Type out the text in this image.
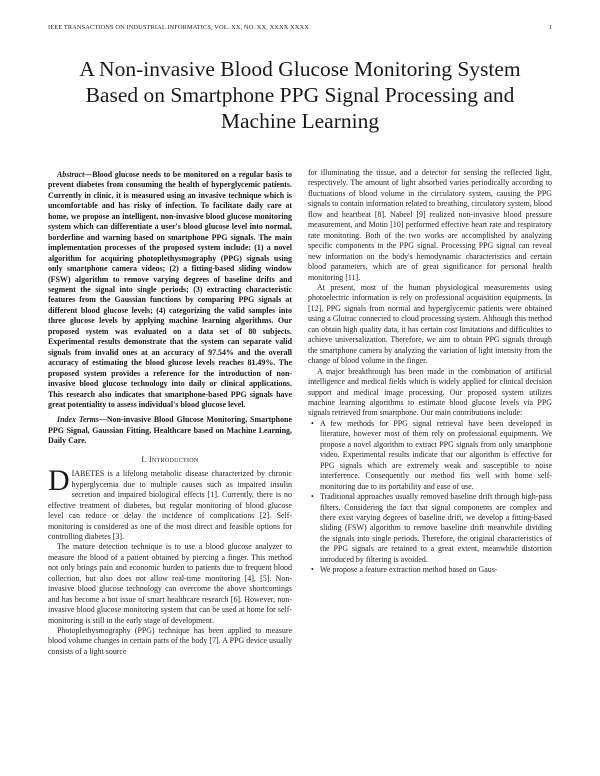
IEEE TRANSACTIONS ON INDUSTRIAL INFORMATICS, VOL. XX, NO. XX, XXXX XXXX	1
A Non-invasive Blood Glucose Monitoring System
Based on Smartphone PPG Signal Processing and
Machine Learning

Abstract—Blood glucose needs to be monitored on a regular basis to prevent diabetes from consuming the health of hyperglycemic patients. Currently in clinic, it is measured using an invasive technique which is uncomfortable and has risky of infection. To facilitate daily care at home, we propose an intelligent, non-invasive blood glucose monitoring system which can differentiate a user's blood glucose level into normal, borderline and warning based on smartphone PPG signals. The main implementation processes of the proposed system include: (1) a novel algorithm for acquiring photoplethysmography (PPG) signals using only smartphone camera videos; (2) a fitting-based sliding window (FSW) algorithm to remove varying degrees of baseline drifts and segment the signal into single periods; (3) extracting characteristic features from the Gaussian functions by comparing PPG signals at different blood glucose levels; (4) categorizing the valid samples into three glucose levels by applying machine learning algorithms. Our proposed system was evaluated on a data set of 80 subjects. Experimental results demonstrate that the system can separate valid signals from invalid ones at an accuracy of 97.54% and the overall accuracy of estimating the blood glucose levels reaches 81.49%. The proposed system provides a reference for the introduction of non-invasive blood glucose technology into daily or clinical applications. This research also indicates that smartphone-based PPG signals have great potentiality to assess individual's blood glucose level.

Index Terms—Non-invasive Blood Glucose Monitoring, Smartphone PPG Signal, Gaussian Fitting, Healthcare based on Machine Learning, Daily Care.

I. Introduction

DIABETES is a lifelong metabolic disease characterized by chronic hyperglycemia due to multiple causes such as impaired insulin secretion and impaired biological effects [1]. Currently, there is no effective treatment of diabetes, but regular monitoring of blood glucose level can reduce or delay the incidence of complications [2]. Self-monitoring is considered as one of the most direct and feasible options for controlling diabetes [3].

The mature detection technique is to use a blood glucose analyzer to measure the blood of a patient obtained by piercing a finger. This method not only brings pain and economic burden to patients due to frequent blood collection, but also does not allow real-time monitoring [4], [5]. Non-invasive blood glucose technology can overcome the above shortcomings and has become a hot issue of smart healthcare research [6]. However, non-invasive blood glucose monitoring system that can be used at home for self-monitoring is still in the early stage of development.

Photoplethysmography (PPG) technique has been applied to measure blood volume changes in certain parts of the body [7]. A PPG device usually consists of a light source

for illuminating the tissue, and a detector for sensing the reflected light, respectively. The amount of light absorbed varies periodically according to fluctuations of blood volume in the circulatory system, causing the PPG signals to contain information related to breathing, circulatory system, blood flow and heartbeat [8]. Nabeel [9] realized non-invasive blood pressure measurement, and Motin [10] performed effective heart rate and respiratory rate monitoring. Both of the two works are accomplished by analyzing specific components in the PPG signal. Processing PPG signal can reveal new information on the body's hemodynamic characteristics and certain blood parameters, which are of great significance for personal health monitoring [11].

At present, most of the human physiological measurements using photoelectric information is rely on professional acquisition equipments. In [12], PPG signals from normal and hyperglycemic patients were obtained using a Glutrac connected to cloud processing system. Although this method can obtain high quality data, it has certain cost limitations and difficulties to achieve universalization. Therefore, we aim to obtain PPG signals through the smartphone camera by analyzing the variation of light intensity from the change of blood volume in the finger.

A major breakthrough has been made in the combination of artificial intelligence and medical fields which is widely applied for clinical decision support and medical image processing. Our proposed system utilizes machine learning algorithms to estimate blood glucose levels via PPG signals retrieved from smartphone. Our main contributions include:

• A few methods for PPG signal retrieval have been developed in literature, however most of them rely on professional equipments. We propose a novel algorithm to extract PPG signals from only smartphone video. Experimental results indicate that our algorithm is effective for PPG signals which are extremely weak and susceptible to noise interference. Consequently our method fits well with home self-monitoring due to its portability and ease of use.
• Traditional approaches usually removed baseline drift through high-pass filters. Considering the fact that signal components are complex and there exist varying degrees of baseline drift, we develop a fitting-based sliding (FSW) algorithm to remove baseline drift meanwhile dividing the signals into single periods. Therefore, the original characteristics of the PPG signals are retained to a great extent, meanwhile distortion introduced by filtering is avoided.
• We propose a feature extraction method based on Gaus-
